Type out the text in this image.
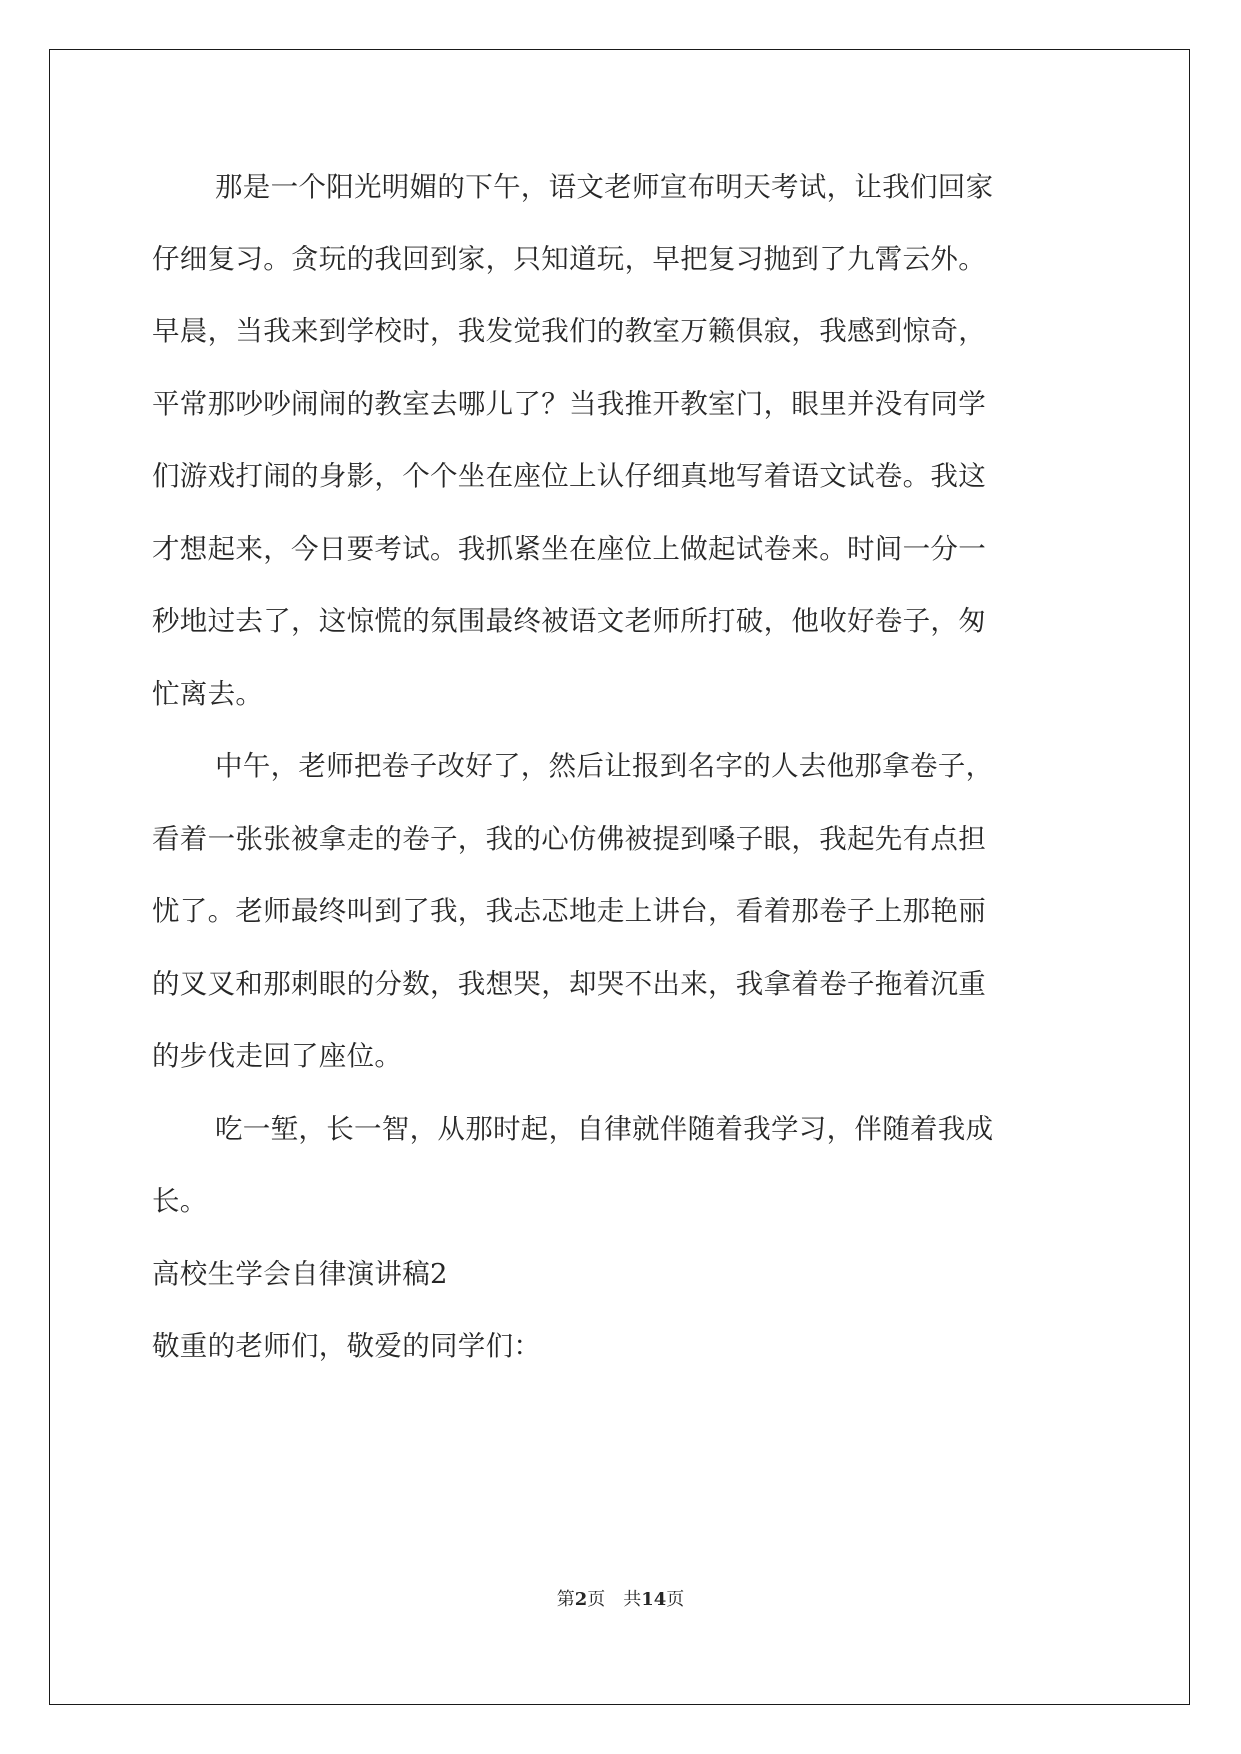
那是一个阳光明媚的下午，语文老师宣布明天考试，让我们回家

仔细复习。贪玩的我回到家，只知道玩，早把复习抛到了九霄云外。

早晨，当我来到学校时，我发觉我们的教室万籁俱寂，我感到惊奇，

平常那吵吵闹闹的教室去哪儿了？当我推开教室门，眼里并没有同学

们游戏打闹的身影，个个坐在座位上认仔细真地写着语文试卷。我这

才想起来，今日要考试。我抓紧坐在座位上做起试卷来。时间一分一

秒地过去了，这惊慌的氛围最终被语文老师所打破，他收好卷子，匆

忙离去。

中午，老师把卷子改好了，然后让报到名字的人去他那拿卷子，

看着一张张被拿走的卷子，我的心仿佛被提到嗓子眼，我起先有点担

忧了。老师最终叫到了我，我忐忑地走上讲台，看着那卷子上那艳丽

的叉叉和那刺眼的分数，我想哭，却哭不出来，我拿着卷子拖着沉重

的步伐走回了座位。

吃一堑，长一智，从那时起，自律就伴随着我学习，伴随着我成

长。

高校生学会自律演讲稿2

敬重的老师们，敬爱的同学们：

第2页　共14页
